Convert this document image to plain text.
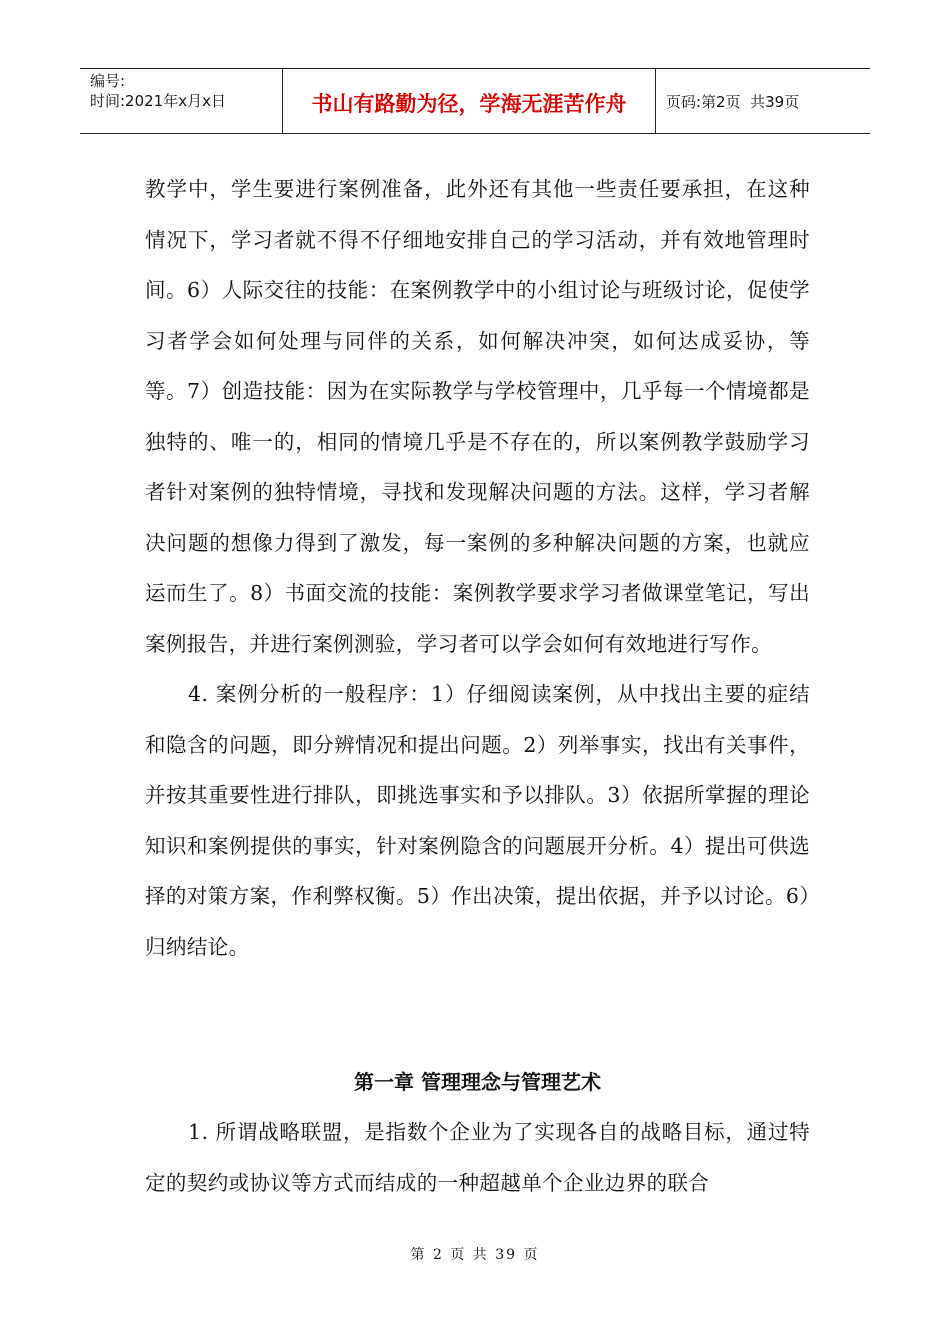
编号:
时间:2021年x月x日	书山有路勤为径，学海无涯苦作舟	页码:第2页  共39页

教学中，学生要进行案例准备，此外还有其他一些责任要承担，在这种情况下，学习者就不得不仔细地安排自己的学习活动，并有效地管理时间。6）人际交往的技能：在案例教学中的小组讨论与班级讨论，促使学习者学会如何处理与同伴的关系，如何解决冲突，如何达成妥协，等等。7）创造技能：因为在实际教学与学校管理中，几乎每一个情境都是独特的、唯一的，相同的情境几乎是不存在的，所以案例教学鼓励学习者针对案例的独特情境，寻找和发现解决问题的方法。这样，学习者解决问题的想像力得到了激发，每一案例的多种解决问题的方案，也就应运而生了。8）书面交流的技能：案例教学要求学习者做课堂笔记，写出案例报告，并进行案例测验，学习者可以学会如何有效地进行写作。

4. 案例分析的一般程序：1）仔细阅读案例，从中找出主要的症结和隐含的问题，即分辨情况和提出问题。2）列举事实，找出有关事件，并按其重要性进行排队，即挑选事实和予以排队。3）依据所掌握的理论知识和案例提供的事实，针对案例隐含的问题展开分析。4）提出可供选择的对策方案，作利弊权衡。5）作出决策，提出依据，并予以讨论。6）归纳结论。

第一章 管理理念与管理艺术

1. 所谓战略联盟，是指数个企业为了实现各自的战略目标，通过特定的契约或协议等方式而结成的一种超越单个企业边界的联合

第 2 页 共 39 页
